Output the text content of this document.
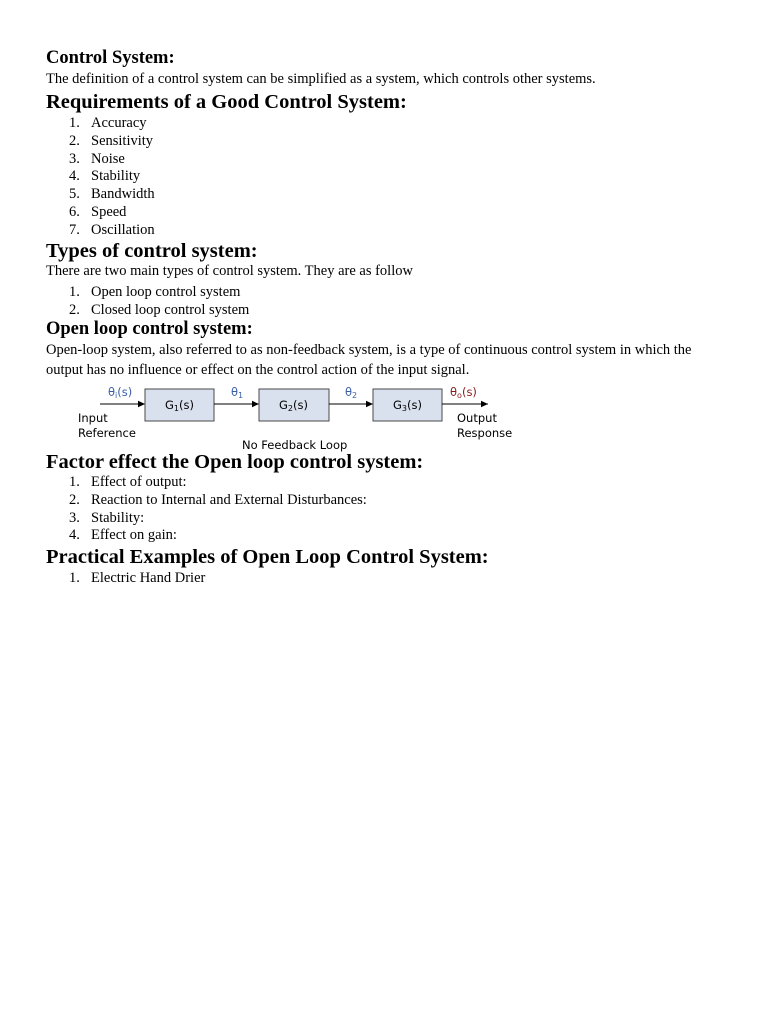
Control System:

The definition of a control system can be simplified as a system, which controls other systems.

Requirements of a Good Control System:
1. Accuracy
2. Sensitivity
3. Noise
4. Stability
5. Bandwidth
6. Speed
7. Oscillation
Types of control system:

There are two main types of control system. They are as follow

1. Open loop control system
2. Closed loop control system
Open loop control system:

Open-loop system, also referred to as non-feedback system, is a type of continuous control system in which the output has no influence or effect on the control action of the input signal.

θi(s)
Input
Reference
G1(s)
θ1
G2(s)
θ2
G3(s)
θo(s)
Output
Response
No Feedback Loop
Factor effect the Open loop control system:
1. Effect of output:
2. Reaction to Internal and External Disturbances:
3. Stability:
4. Effect on gain:
Practical Examples of Open Loop Control System:
1. Electric Hand Drier
